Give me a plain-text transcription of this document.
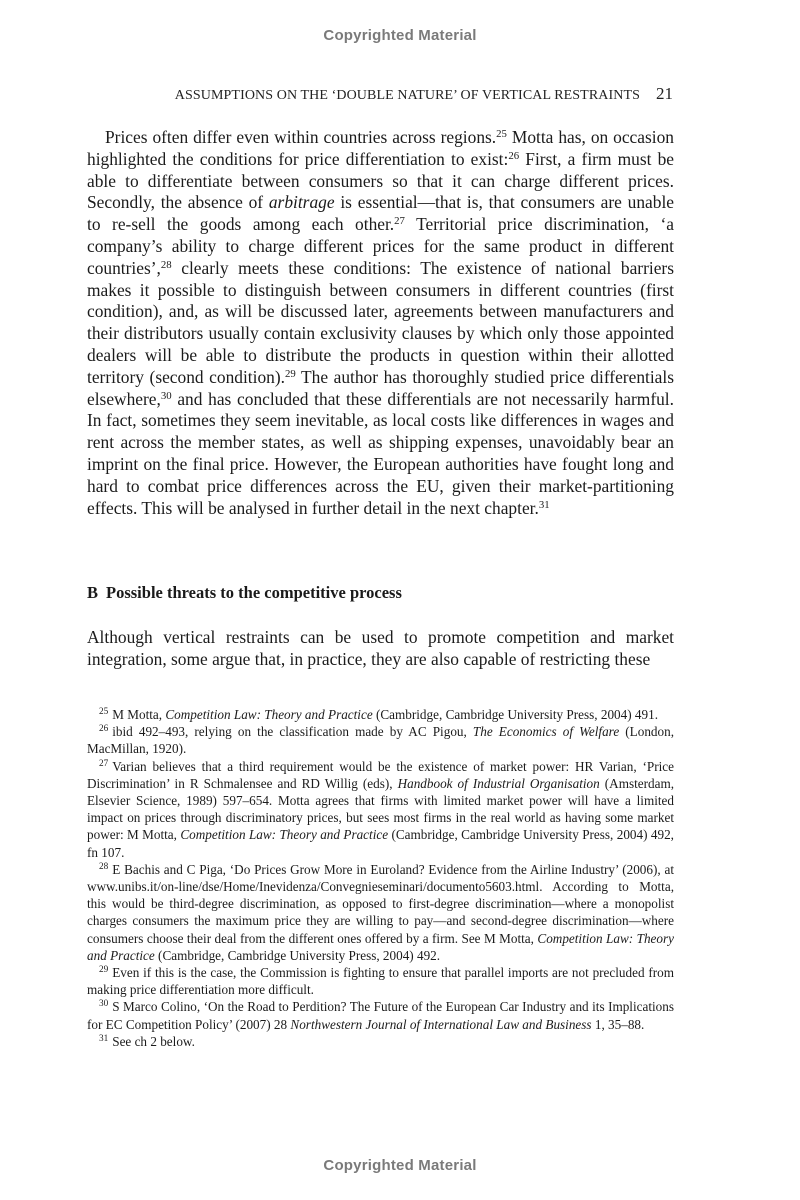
Copyrighted Material
ASSUMPTIONS ON THE ‘DOUBLE NATURE’ OF VERTICAL RESTRAINTS 21

Prices often differ even within countries across regions.$^{25}$ Motta has, on occasion highlighted the conditions for price differentiation to exist:$^{26}$ First, a firm must be able to differentiate between consumers so that it can charge different prices. Secondly, the absence of arbitrage is essential—that is, that consumers are unable to re-sell the goods among each other.$^{27}$ Territorial price discrimination, ‘a company’s ability to charge different prices for the same product in different countries’,$^{28}$ clearly meets these conditions: The existence of national barriers makes it possible to distinguish between consumers in different countries (first condition), and, as will be discussed later, agreements between manufacturers and their distributors usually contain exclusivity clauses by which only those appointed dealers will be able to distribute the products in question within their allotted territory (second condition).$^{29}$ The author has thoroughly studied price differentials elsewhere,$^{30}$ and has concluded that these differentials are not necessarily harmful. In fact, sometimes they seem inevitable, as local costs like differences in wages and rent across the member states, as well as shipping expenses, unavoidably bear an imprint on the final price. However, the European authorities have fought long and hard to combat price differences across the EU, given their market-partitioning effects. This will be analysed in further detail in the next chapter.$^{31}$

B Possible threats to the competitive process

Although vertical restraints can be used to promote competition and market integration, some argue that, in practice, they are also capable of restricting these

$^{25}$ M Motta, Competition Law: Theory and Practice (Cambridge, Cambridge University Press, 2004) 491.

$^{26}$ ibid 492–493, relying on the classification made by AC Pigou, The Economics of Welfare (London, MacMillan, 1920).

$^{27}$ Varian believes that a third requirement would be the existence of market power: HR Varian, ‘Price Discrimination’ in R Schmalensee and RD Willig (eds), Handbook of Industrial Organisation (Amsterdam, Elsevier Science, 1989) 597–654. Motta agrees that firms with limited market power will have a limited impact on prices through discriminatory prices, but sees most firms in the real world as having some market power: M Motta, Competition Law: Theory and Practice (Cambridge, Cambridge University Press, 2004) 492, fn 107.

$^{28}$ E Bachis and C Piga, ‘Do Prices Grow More in Euroland? Evidence from the Airline Industry’ (2006), at www.unibs.it/on-line/dse/Home/Inevidenza/Convegnieseminari/documento5603.html. According to Motta, this would be third-degree discrimination, as opposed to first-degree discrimination—where a monopolist charges consumers the maximum price they are willing to pay—and second-degree discrimination—where consumers choose their deal from the different ones offered by a firm. See M Motta, Competition Law: Theory and Practice (Cambridge, Cambridge University Press, 2004) 492.

$^{29}$ Even if this is the case, the Commission is fighting to ensure that parallel imports are not precluded from making price differentiation more difficult.

$^{30}$ S Marco Colino, ‘On the Road to Perdition? The Future of the European Car Industry and its Implications for EC Competition Policy’ (2007) 28 Northwestern Journal of International Law and Business 1, 35–88.

$^{31}$ See ch 2 below.

Copyrighted Material
